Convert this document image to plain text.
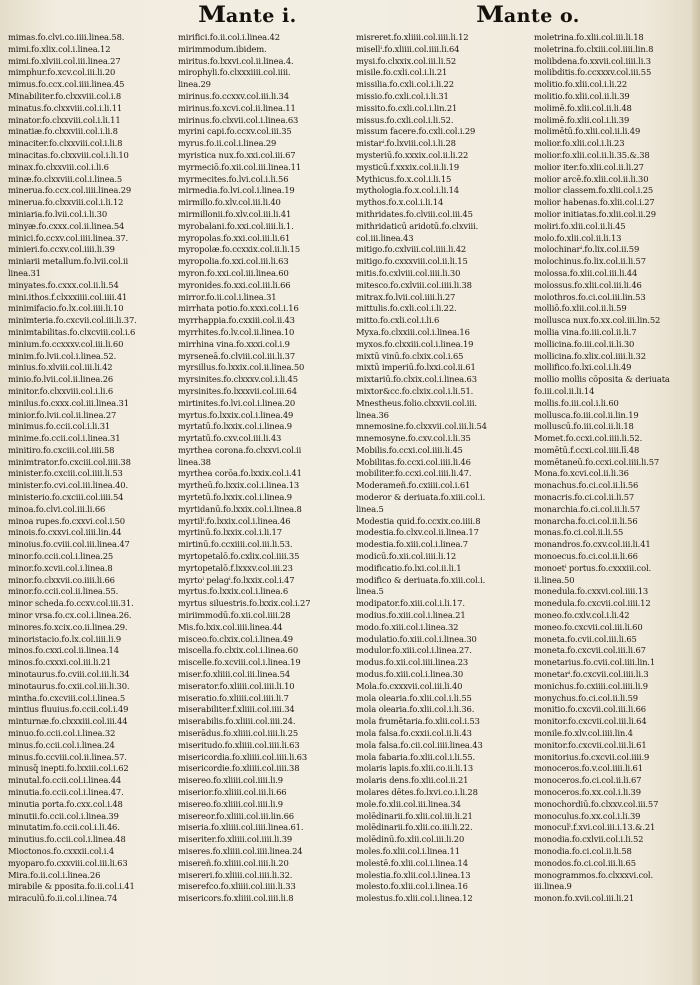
Mante i.	Mante o.
mimas.fo.clvi.co.iiii.linea.58.
mimi.fo.xlix.col.i.linea.12
mimi.fo.xlviii.col.iii.linea.27
mimphur.fo.xcv.col.iii.li.20
mimus.fo.ccx.col.iiii.linea.45
Minabiliter.fo.clxxviii.col.i.8
minatus.fo.clxxviii.col.i.li.11
minator.fo.clxxviii.col.i.li.11
minatiæ.fo.clxxviii.col.i.li.8
minaciter.fo.clxxviii.col.i.li.8
minacitas.fo.clxxviii.col.i.li.10
minax.fo.clxxviii.col.i.li.6
minæ.fo.clxxviii.col.i.linea.5
minerua.fo.ccx.col.iiii.linea.29
minerua.fo.clxxviii.col.i.li.12
miniaria.fo.lvii.col.i.li.30
minyæ.fo.cxxx.col.ii.linea.54
minici.fo.ccxv.col.iiii.linea.37.
minieri.fo.ccxv.col.iiii.li.39
miniarii metallum.fo.lvii.col.ii
linea.31
minyates.fo.cxxx.col.ii.li.54
mini.ithos.f.clxxxiiii.col.iiii.41
minimifacio.fo.lx.col.iiii.li.10
minimteria.fo.cxcvii.col.iii.li.37.
minimtabilitas.fo.clxcviii.col.i.6
minium.fo.ccxxxv.col.iii.li.60
minim.fo.lvii.col.i.linea.52.
minius.fo.xlviii.col.iii.li.42
minio.fo.lvii.col.ii.linea.26
minitor.fo.clxxviii.col.i.li.6
minilus.fo.cxxx.col.iii.linea.31
minior.fo.lvii.col.ii.linea.27
minimus.fo.ccii.col.i.li.31
minime.fo.ccii.col.i.linea.31
minitiro.fo.cxciii.col.iiii.58
minimtrator.fo.cxciii.col.iiii.38
minister.fo.cxciii.col.iiii.li.53
minister.fo.cvi.col.iii.linea.40.
ministerio.fo.cxciii.col.iiii.54
minoa.fo.clvi.col.iii.li.66
minoa rupes.fo.cxxvi.col.i.50
minois.fo.cxxvi.col.iiii.lin.44
minoius.fo.cviii.col.iii.linea.47
minor.fo.ccii.col.i.linea.25
minor.fo.xcvii.col.i.linea.8
minor.fo.clxxvii.co.iiii.li.66
minor.fo.ccii.col.ii.linea.55.
minor scheda.fo.ccxv.col.iii.31.
minor vrsa.fo.cx.col.i.linea.26.
minores.fo.xcix.co.ii.linea.29.
minoristacio.fo.lx.col.iiii.li.9
minos.fo.cxxi.col.ii.linea.14
minos.fo.cxxxi.col.iii.li.21
minotaurus.fo.cviii.col.iii.li.34
minotaurus.fo.cxii.col.iii.li.30.
mintha.fo.cxcviii.col.i.linea.5
mintius fluuius.fo.ccii.col.i.49
minturnæ.fo.clxxxiii.col.iii.44
minuo.fo.ccii.col.i.linea.32
minus.fo.ccii.col.i.linea.24
minus.fo.ccviii.col.ii.linea.57.
minusq̄ inepti.fo.lxxiii.col.i.62
minutal.fo.ccii.col.i.linea.44
minutia.fo.ccii.col.i.linea.47.
minutia porta.fo.cxx.col.i.48
minutii.fo.ccii.col.i.linea.39
minutatim.fo.ccii.col.i.li.46.
minutius.fo.ccii.col.i.linea.48
Mioctonos.fo.cxxxii.col.i.4
myoparo.fo.cxxviii.col.iii.li.63
Mira.fo.ii.col.i.linea.26
mirabile & pposita.fo.ii.col.i.41
miraculū.fo.ii.col.i.linea.74
mirifici.fo.ii.col.i.linea.42
mirimmodum.ibidem.
miritus.fo.lxxvi.col.ii.linea.4.
mirophyli.fo.clxxxiiii.col.iiii.
linea.29
mirinus.fo.ccxxv.col.iii.li.34
mirinus.fo.xcvi.col.ii.linea.11
mirinus.fo.clxvii.col.i.linea.63
myrini capi.fo.ccxv.col.iii.35
myrus.fo.ii.col.i.linea.29
myristica nux.fo.xxi.col.iii.67
myrmeciō.fo.xii.col.iii.linea.11
myrmecites.fo.lvi.col.i.li.56
mirmedia.fo.lvi.col.i.linea.19
mirmillo.fo.xlv.col.iii.li.40
mirmillonii.fo.xlv.col.iii.li.41
myrobalani.fo.xxi.col.iiii.li.1.
myropolas.fo.xxi.col.iii.li.61
myropolæ.fo.ccxxix.col.ii.li.15
myropolia.fo.xxi.col.iii.li.63
myron.fo.xxi.col.iii.linea.60
myronides.fo.xxi.col.iii.li.66
mirror.fo.ii.col.i.linea.31
mirrhata potio.fo.xxxi.col.i.16
myrrhappia.fo.cxxiii.col.ii.43
myrrhites.fo.lv.col.ii.linea.10
mirrhina vina.fo.xxxi.col.i.9
myrseneā.fo.clviii.col.iii.li.37
myrsillus.fo.lxxix.col.ii.linea.50
myrsinites.fo.clxxxv.col.i.li.45
myrsinites.fo.lxxxvii.col.iii.64
mirtinites.fo.lvi.col.i.linea.20
myrtus.fo.lxxix.col.i.linea.49
myrtatū.fo.lxxix.col.i.linea.9
myrtatū.fo.cxv.col.iii.li.43
myrthea corona.fo.clxxvi.col.ii
linea.38
myrthea corōa.fo.lxxix.col.i.41
myrtheū.fo.lxxix.col.i.linea.13
myrtetū.fo.lxxix.col.i.linea.9
myrtidanū.fo.lxxix.col.i.linea.8
myrtilⁱ.fo.lxxix.col.i.linea.46
myrtinū.fo.lxxix.col.i.li.17
mirtinū.fo.ccxiiii.col.iii.li.53.
myrtopetalō.fo.cxlix.col.iiii.35
myrtopetalō.f.lxxxv.col.iii.23
myrtoⁱ pelagⁱ.fo.lxxix.col.i.47
myrtus.fo.lxxix.col.i.linea.6
myrtus siluestris.fo.lxxix.col.i.27
miriimmodū.fo.xii.col.iiii.28
Mis.fo.lxix.col.iiii.linea.44
misceo.fo.clxix.col.i.linea.49
miscella.fo.clxix.col.i.linea.60
miscelle.fo.xcviii.col.i.linea.19
miser.fo.xliiii.col.iii.linea.54
miserator.fo.xliiii.col.iiii.li.10
miseratio.fo.xliiii.col.iiii.li.7
miserabiliter.f.xliiii.col.iiii.34
miserabilis.fo.xliiii.col.iiii.24.
miserādus.fo.xliiii.col.iiii.li.25
miseritudo.fo.xliiii.col.iiii.li.63
misericordia.fo.xliiii.col.iiii.li.63
misericordie.fo.xliiii.col.iiii.38
misereo.fo.xliiii.col.iiii.li.9
miserior.fo.xliiii.col.iii.li.66
misereo.fo.xliiii.col.iiii.li.9
misereor.fo.xliiii.col.iii.lin.66
miseria.fo.xliiii.col.iiii.linea.61.
miseriter.fo.xliiii.col.iiii.li.39
miseres.fo.xliiii.col.iiii.linea.24
misereñ.fo.xliiii.col.iiii.li.20
misereri.fo.xliiii.col.iiii.li.32.
miserefco.fo.xliiii.col.iiii.li.33
misericors.fo.xliiii.col.iiii.li.8
misreret.fo.xliiii.col.iiii.li.12
misellⁱ.fo.xliiii.col.iiii.li.64
mysi.fo.clxxix.col.iii.li.52
misile.fo.cxli.col.i.li.21
missilia.fo.cxli.col.i.li.22
missio.fo.cxli.col.i.li.31
missito.fo.cxli.col.i.lin.21
missus.fo.cxli.col.i.li.52.
missum facere.fo.cxli.col.i.29
mistarⁱ.fo.lxviii.col.i.li.28
mysteriū.fo.xxxix.col.ii.li.22
mysticū.f.xxxix.col.ii.li.19
Mythicus.fo.x.col.i.li.15
mythologia.fo.x.col.i.li.14
mythos.fo.x.col.i.li.14
mithridates.fo.clviii.col.iii.45
mithridaticū aridotū.fo.clxviii.
col.iii.linea.43
mitigo.fo.cxlviii.col.iiii.li.42
mitigo.fo.cxxxviii.col.ii.li.15
mitis.fo.cxlviii.col.iiii.li.30
mitesco.fo.cxlviii.col.iiii.li.38
mitrax.fo.lvii.col.iiii.li.27
mittulis.fo.cxli.col.i.li.22.
mitto.fo.cxli.col.i.li.6
Myxa.fo.clxxiii.col.i.linea.16
myxos.fo.clxxiii.col.i.linea.19
mixtū vinū.fo.clxix.col.i.65
mixtū imperiū.fo.lxxi.col.ii.61
mixtariū.fo.clxix.col.i.linea.63
mixtor&cc.fo.clxix.col.i.li.51.
Mnestheus.folio.clxxvii.col.iii.
linea.36
mnemosine.fo.clxxvii.col.iii.li.54
mnemosyne.fo.cxv.col.i.li.35
Mobilis.fo.ccxi.col.iiii.li.45
Mobilitas.fo.ccxi.col.iiii.li.46
mobiliter.fo.ccxi.col.iiii.li.47.
Moderameñ.fo.cxiiii.col.i.61
moderor & deriuata.fo.xiii.col.i.
linea.5
Modestia quid.fo.ccxix.co.iiii.8
modestia.fo.clxv.col.ii.linea.17
modestia.fo.xiii.col.i.linea.7
modicū.fo.xii.col.iiii.li.12
modificatio.fo.lxi.col.ii.li.1
modifico & deriuata.fo.xiii.col.i.
linea.5
modipator.fo.xiii.col.i.li.17.
modius.fo.xiii.col.i.linea.21
modo.fo.xiii.col.i.linea.32
modulatio.fo.xiii.col.i.linea.30
modulor.fo.xiii.col.i.linea.27.
modus.fo.xii.col.iiii.linea.23
modus.fo.xiii.col.i.linea.30
Mola.fo.cxxxvii.col.iii.li.40
mola olearia.fo.xlii.col.i.li.55
mola olearia.fo.xlii.col.i.li.36.
mola frumētaria.fo.xlii.col.i.53
mola falsa.fo.cxxii.col.ii.li.43
mola falsa.fo.cii.col.iiii.linea.43
mola fabaria.fo.xlii.col.i.li.55.
molaris lapis.fo.xlii.co.ii.li.13
molaris dens.fo.xlii.col.ii.21
molares dētes.fo.lxvi.co.i.li.28
mole.fo.xlii.col.iii.linea.34
molēdinarii.fo.xlii.col.iii.li.21
molēdinarii.fo.xlii.co.iii.li.22.
molēdinū.fo.xlii.col.iii.li.20
moles.fo.xlii.col.i.linea.11
molestē.fo.xlii.col.i.linea.14
molestia.fo.xlii.col.i.linea.13
molesto.fo.xlii.col.i.linea.16
molestus.fo.xlii.col.i.linea.12
moletrina.fo.xlii.col.iii.li.18
moletrina.fo.clxiii.col.iiii.lin.8
molibdena.fo.xxvii.col.iiii.li.3
molibditis.fo.ccxxxv.col.iii.55
molitio.fo.xlii.col.i.li.22
molitio.fo.xlii.col.ii.li.39
molimē.fo.xlii.col.ii.li.48
molimē.fo.xlii.col.i.li.39
molimētū.fo.xlii.col.ii.li.49
molior.fo.xlii.col.i.li.23
molior.fo.xlii.col.ii.li.35.&.38
molior iter.fo.xlii.col.ii.li.27
molior arcē.fo.xlii.col.ii.li.30
molior classem.fo.xlii.col.i.25
molior habenas.fo.xlii.col.i.27
molior initiatas.fo.xlii.col.ii.29
moliri.fo.xlii.col.ii.li.45
molo.fo.xlii.col.ii.li.13
molochinarⁱ.fo.lix.col.ii.59
molochinus.fo.lix.col.ii.li.57
molossa.fo.xlii.col.iii.li.44
molossus.fo.xlii.col.iii.li.46
molothros.fo.ci.col.iii.lin.53
molliō.fo.xlii.col.ii.li.59
mollusca nux.fo.xx.col.iii.lin.52
mollia vina.fo.iii.col.ii.li.7
mollicina.fo.iii.col.ii.li.30
mollicina.fo.xlix.col.iiii.li.32
mollifico.fo.lxi.col.i.li.49
mollio mollis cōposita & deriuata
fo.iii.col.ii.li.14
mollis.fo.iii.col.i.li.60
mollusca.fo.iii.col.ii.lin.19
molluscū.fo.iii.col.ii.li.18
Momet.fo.ccxi.col.iiii.li.52.
momētū.f.ccxi.col.iiii.lī.48
momētaneū.fo.ccxi.col.iiii.li.57
Mona.fo.xcvi.col.ii.li.36
monachus.fo.ci.col.ii.li.56
monacris.fo.ci.col.ii.li.57
monarchia.fo.ci.col.ii.li.57
monarcha.fo.ci.col.ii.li.56
monas.fo.ci.col.ii.li.55
monandros.fo.cxv.col.iii.li.41
monoecus.fo.ci.col.ii.li.66
monoetⁱ portus.fo.cxxxiii.col.
ii.linea.50
monedula.fo.cxxvi.col.iiii.13
monedula.fo.cxcvii.col.iiii.12
moneo.fo.cxlv.col.i.li.42
moneo.fo.cxcvii.col.iii.li.60
moneta.fo.cvii.col.iii.li.65
moneta.fo.cxcvii.col.iii.li.67
monetarius.fo.cvii.col.iiii.lin.1
monetarⁱ.fo.cxcvii.col.iiii.li.3
monichus.fo.cxiiii.col.iiii.li.9
monychus.fo.ci.col.ii.li.59
monitio.fo.cxcvii.col.iii.li.66
monitor.fo.cxcvii.col.iii.li.64
monile.fo.xlv.col.iiii.lin.4
monitor.fo.cxcvii.col.iii.li.61
monitorius.fo.cxcvii.col.iiii.9
monoceros.fo.v.col.iiii.li.61
monoceros.fo.ci.col.ii.li.67
monoceros.fo.xx.col.i.li.39
monochordiū.fo.clxxv.col.iii.57
monoculus.fo.xx.col.i.li.39
monoculⁱ.f.xvi.col.iii.i.13.&.21
monodia.fo.cxlvii.col.i.li.52
monodia.fo.ci.col.ii.li.58
monodos.fo.ci.col.iii.li.65
monogrammos.fo.clxxxvi.col.
iii.linea.9
monon.fo.xvii.col.iii.li.21
